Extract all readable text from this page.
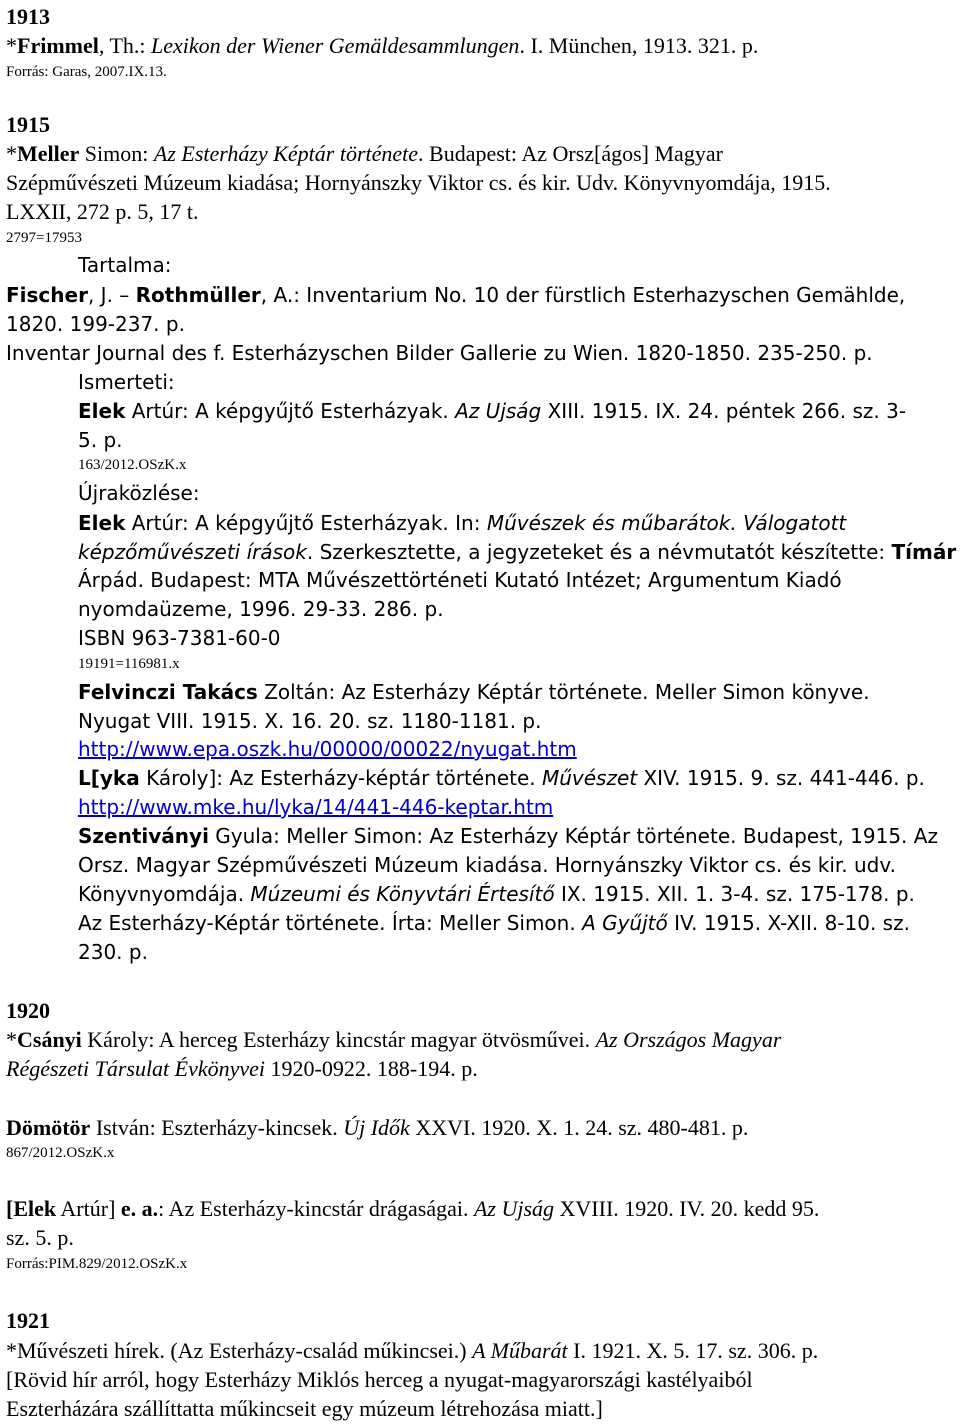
1913
*Frimmel, Th.: Lexikon der Wiener Gemäldesammlungen. I. München, 1913. 321. p.
Forrás: Garas, 2007.IX.13.
1915
*Meller Simon: Az Esterházy Képtár története. Budapest: Az Orsz[ágos] Magyar
Szépművészeti Múzeum kiadása; Hornyánszky Viktor cs. és kir. Udv. Könyvnyomdája, 1915.
LXXII, 272 p. 5, 17 t.
2797=17953
Tartalma:
Fischer, J. – Rothmüller, A.: Inventarium No. 10 der fürstlich Esterhazyschen Gemählde,
1820. 199-237. p.
Inventar Journal des f. Esterházyschen Bilder Gallerie zu Wien. 1820-1850. 235-250. p.
Ismerteti:
Elek Artúr: A képgyűjtő Esterházyak. Az Ujság XIII. 1915. IX. 24. péntek 266. sz. 3-
5. p.
163/2012.OSzK.x
Újraközlése:
Elek Artúr: A képgyűjtő Esterházyak. In: Művészek és műbarátok. Válogatott
képzőművészeti írások. Szerkesztette, a jegyzeteket és a névmutatót készítette: Tímár
Árpád. Budapest: MTA Művészettörténeti Kutató Intézet; Argumentum Kiadó
nyomdaüzeme, 1996. 29-33. 286. p.
ISBN 963-7381-60-0
19191=116981.x
Felvinczi Takács Zoltán: Az Esterházy Képtár története. Meller Simon könyve.
Nyugat VIII. 1915. X. 16. 20. sz. 1180-1181. p.
http://www.epa.oszk.hu/00000/00022/nyugat.htm
L[yka Károly]: Az Esterházy-képtár története. Művészet XIV. 1915. 9. sz. 441-446. p.
http://www.mke.hu/lyka/14/441-446-keptar.htm
Szentiványi Gyula: Meller Simon: Az Esterházy Képtár története. Budapest, 1915. Az
Orsz. Magyar Szépművészeti Múzeum kiadása. Hornyánszky Viktor cs. és kir. udv.
Könyvnyomdája. Múzeumi és Könyvtári Értesítő IX. 1915. XII. 1. 3-4. sz. 175-178. p.
Az Esterházy-Képtár története. Írta: Meller Simon. A Gyűjtő IV. 1915. X-XII. 8-10. sz.
230. p.
1920
*Csányi Károly: A herceg Esterházy kincstár magyar ötvösművei. Az Országos Magyar
Régészeti Társulat Évkönyvei 1920-0922. 188-194. p.
Dömötör István: Eszterházy-kincsek. Új Idők XXVI. 1920. X. 1. 24. sz. 480-481. p.
867/2012.OSzK.x
[Elek Artúr] e. a.: Az Esterházy-kincstár drágaságai. Az Ujság XVIII. 1920. IV. 20. kedd 95.
sz. 5. p.
Forrás:PIM.829/2012.OSzK.x
1921
*Művészeti hírek. (Az Esterházy-család műkincsei.) A Műbarát I. 1921. X. 5. 17. sz. 306. p.
[Rövid hír arról, hogy Esterházy Miklós herceg a nyugat-magyarországi kastélyaiból
Eszterházára szállíttatta műkincseit egy múzeum létrehozása miatt.]
